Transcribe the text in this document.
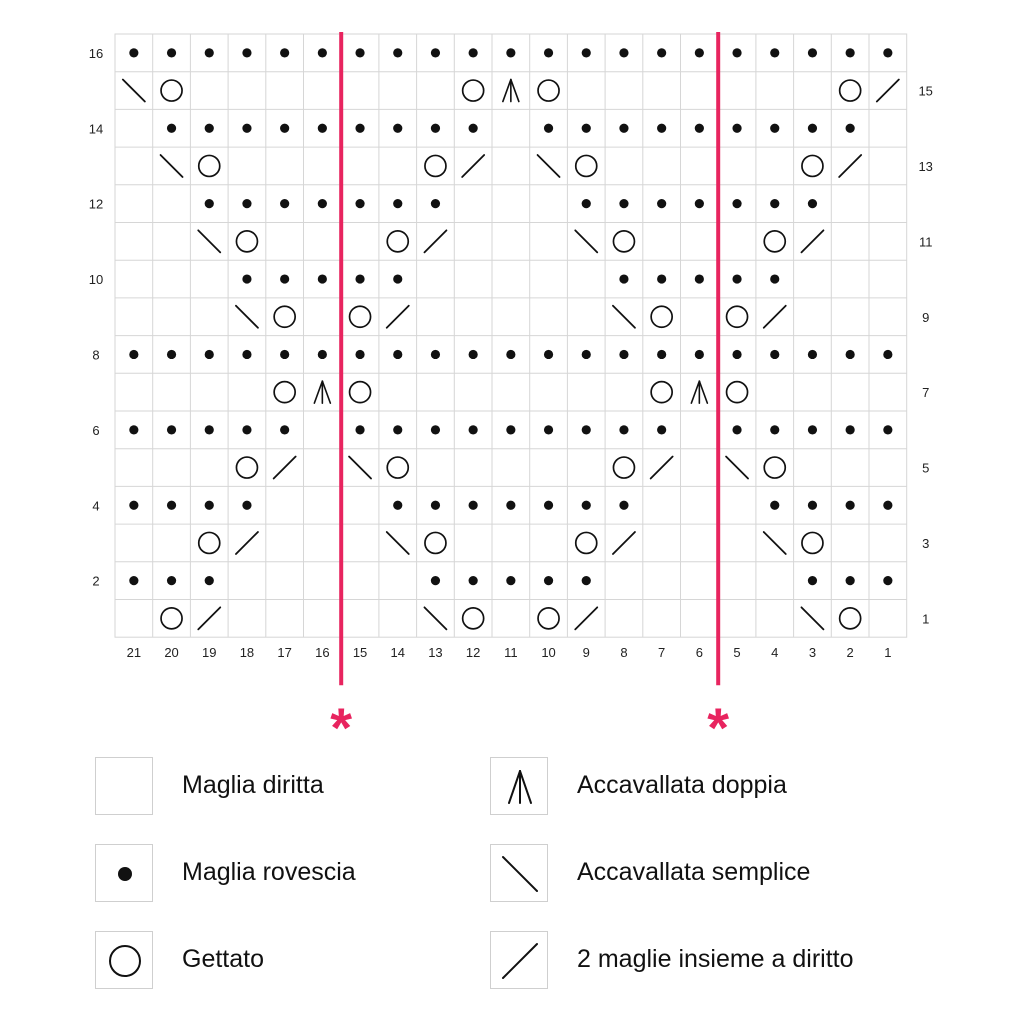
21 20 19 18 17 16 15 14 13 12 11 10 9 8 7 6 5 4 3 2 1
16
14
12
10
8
6
4
2
15
13
11
9
7
5
3
1
*	*
Maglia diritta
Maglia rovescia
Gettato
Accavallata doppia
Accavallata semplice
2 maglie insieme a diritto
